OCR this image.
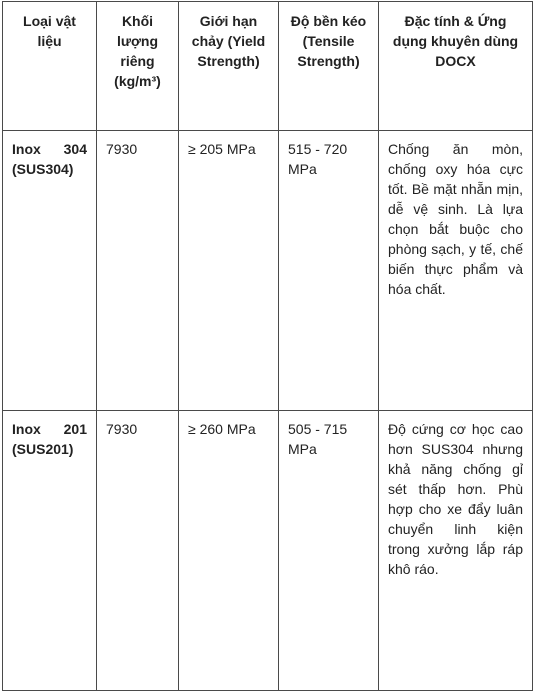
Loại vật liệu	Khối lượng riêng (kg/m³)	Giới hạn chảy (Yield Strength)	Độ bền kéo (Tensile Strength)	Đặc tính & Ứng dụng khuyên dùng DOCX
Inox 304 (SUS304)	7930	≥ 205 MPa	515 - 720 MPa	Chống ăn mòn, chống oxy hóa cực tốt. Bề mặt nhẵn mịn, dễ vệ sinh. Là lựa chọn bắt buộc cho phòng sạch, y tế, chế biến thực phẩm và hóa chất.
Inox 201 (SUS201)	7930	≥ 260 MPa	505 - 715 MPa	Độ cứng cơ học cao hơn SUS304 nhưng khả năng chống gỉ sét thấp hơn. Phù hợp cho xe đẩy luân chuyển linh kiện trong xưởng lắp ráp khô ráo.
